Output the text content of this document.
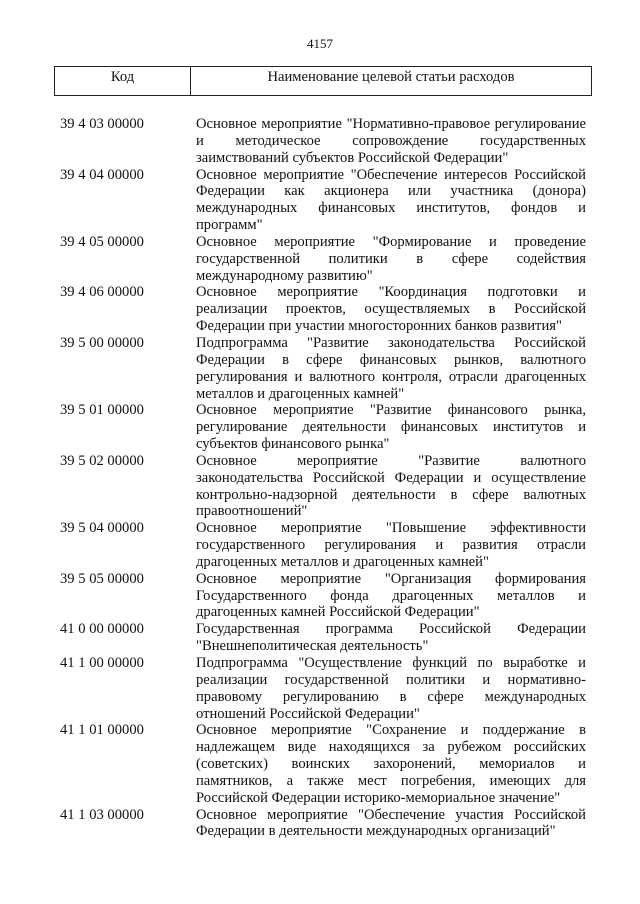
4157
Код	Наименование целевой статьи расходов
39 4 03 00000	Основное мероприятие "Нормативно-правовое регулирование
и методическое сопровождение государственных
заимствований субъектов Российской Федерации"
39 4 04 00000	Основное мероприятие "Обеспечение интересов Российской
Федерации как акционера или участника (донора)
международных финансовых институтов, фондов и
программ"
39 4 05 00000	Основное мероприятие "Формирование и проведение
государственной политики в сфере содействия
международному развитию"
39 4 06 00000	Основное мероприятие "Координация подготовки и
реализации проектов, осуществляемых в Российской
Федерации при участии многосторонних банков развития"
39 5 00 00000	Подпрограмма "Развитие законодательства Российской
Федерации в сфере финансовых рынков, валютного
регулирования и валютного контроля, отрасли драгоценных
металлов и драгоценных камней"
39 5 01 00000	Основное мероприятие "Развитие финансового рынка,
регулирование деятельности финансовых институтов и
субъектов финансового рынка"
39 5 02 00000	Основное мероприятие "Развитие валютного
законодательства Российской Федерации и осуществление
контрольно-надзорной деятельности в сфере валютных
правоотношений"
39 5 04 00000	Основное мероприятие "Повышение эффективности
государственного регулирования и развития отрасли
драгоценных металлов и драгоценных камней"
39 5 05 00000	Основное мероприятие "Организация формирования
Государственного фонда драгоценных металлов и
драгоценных камней Российской Федерации"
41 0 00 00000	Государственная программа Российской Федерации
"Внешнеполитическая деятельность"
41 1 00 00000	Подпрограмма "Осуществление функций по выработке и
реализации государственной политики и нормативно-
правовому регулированию в сфере международных
отношений Российской Федерации"
41 1 01 00000	Основное мероприятие "Сохранение и поддержание в
надлежащем виде находящихся за рубежом российских
(советских) воинских захоронений, мемориалов и
памятников, а также мест погребения, имеющих для
Российской Федерации историко-мемориальное значение"
41 1 03 00000	Основное мероприятие "Обеспечение участия Российской
Федерации в деятельности международных организаций"
